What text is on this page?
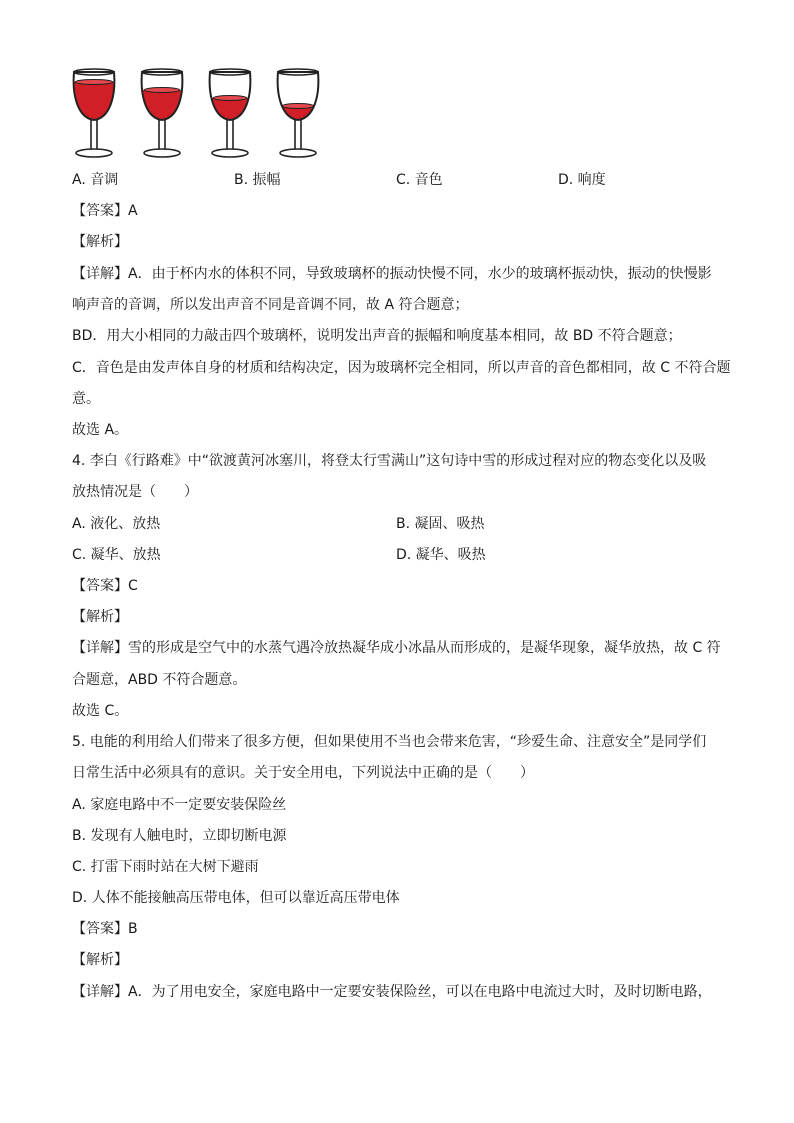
A. 音调	B. 振幅	C. 音色	D. 响度
【答案】A
【解析】
【详解】A．由于杯内水的体积不同，导致玻璃杯的振动快慢不同，水少的玻璃杯振动快，振动的快慢影
响声音的音调，所以发出声音不同是音调不同，故 A 符合题意；
BD．用大小相同的力敲击四个玻璃杯，说明发出声音的振幅和响度基本相同，故 BD 不符合题意；
C．音色是由发声体自身的材质和结构决定，因为玻璃杯完全相同，所以声音的音色都相同，故 C 不符合题
意。
故选 A。
4. 李白《行路难》中“欲渡黄河冰塞川，将登太行雪满山”这句诗中雪的形成过程对应的物态变化以及吸
放热情况是（　　）
A. 液化、放热	B. 凝固、吸热
C. 凝华、放热	D. 凝华、吸热
【答案】C
【解析】
【详解】雪的形成是空气中的水蒸气遇冷放热凝华成小冰晶从而形成的，是凝华现象，凝华放热，故 C 符
合题意，ABD 不符合题意。
故选 C。
5. 电能的利用给人们带来了很多方便，但如果使用不当也会带来危害，“珍爱生命、注意安全”是同学们
日常生活中必须具有的意识。关于安全用电，下列说法中正确的是（　　）
A. 家庭电路中不一定要安装保险丝
B. 发现有人触电时，立即切断电源
C. 打雷下雨时站在大树下避雨
D. 人体不能接触高压带电体，但可以靠近高压带电体
【答案】B
【解析】
【详解】A．为了用电安全，家庭电路中一定要安装保险丝，可以在电路中电流过大时，及时切断电路，
